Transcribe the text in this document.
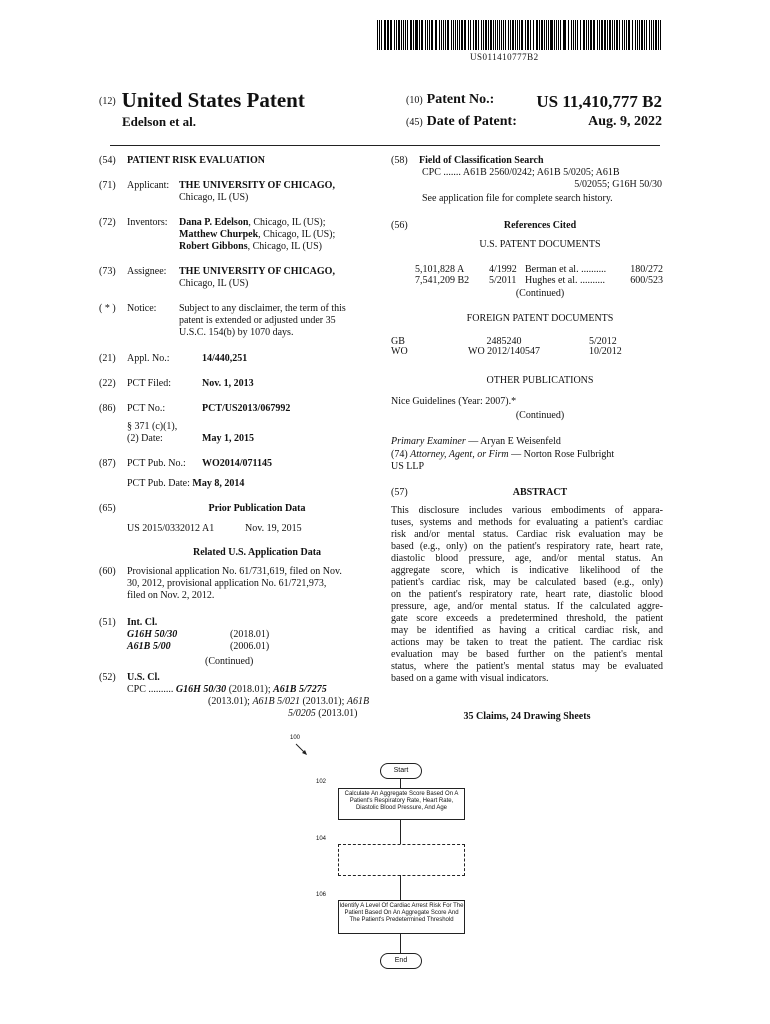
US011410777B2
(12) United States Patent
Edelson et al.
(10) Patent No.: US 11,410,777 B2
(45) Date of Patent:	Aug. 9, 2022
(54) PATIENT RISK EVALUATION
(71) Applicant: THE UNIVERSITY OF CHICAGO,
Chicago, IL (US)
(72) Inventors: Dana P. Edelson, Chicago, IL (US);
Matthew Churpek, Chicago, IL (US);
Robert Gibbons, Chicago, IL (US)
(73) Assignee: THE UNIVERSITY OF CHICAGO,
Chicago, IL (US)
( * ) Notice: Subject to any disclaimer, the term of this
patent is extended or adjusted under 35
U.S.C. 154(b) by 1070 days.
(21) Appl. No.:	14/440,251
(22) PCT Filed:	Nov. 1, 2013
(86) PCT No.:	PCT/US2013/067992
§ 371 (c)(1),
(2) Date:	May 1, 2015
(87) PCT Pub. No.: WO2014/071145
PCT Pub. Date: May 8, 2014
(65)	Prior Publication Data
US 2015/0332012 A1	Nov. 19, 2015
Related U.S. Application Data
(60) Provisional application No. 61/731,619, filed on Nov.
30, 2012, provisional application No. 61/721,973,
filed on Nov. 2, 2012.
(51) Int. Cl.
G16H 50/30	(2018.01)
A61B 5/00	(2006.01)
(Continued)
(52) U.S. Cl.
CPC .......... G16H 50/30 (2018.01); A61B 5/7275
(2013.01); A61B 5/021 (2013.01); A61B
5/0205 (2013.01)
(58) Field of Classification Search
CPC ....... A61B 2560/0242; A61B 5/0205; A61B
5/02055; G16H 50/30
See application file for complete search history.
(56)	References Cited
U.S. PATENT DOCUMENTS
5,101,828 A 4/1992 Berman et al. .......... 180/272
7,541,209 B2 5/2011 Hughes et al. ..........	600/523
(Continued)
FOREIGN PATENT DOCUMENTS
GB	2485240	5/2012
WO	WO 2012/140547	10/2012
OTHER PUBLICATIONS
Nice Guidelines (Year: 2007).*
(Continued)
Primary Examiner — Aryan E Weisenfeld
(74) Attorney, Agent, or Firm — Norton Rose Fulbright
US LLP
(57)	ABSTRACT
This disclosure includes various embodiments of appara-
tuses, systems and methods for evaluating a patient's cardiac
risk and/or mental status. Cardiac risk evaluation may be
based (e.g., only) on the patient's respiratory rate, heart rate,
diastolic blood pressure, age, and/or mental status. An
aggregate score, which is indicative likelihood of the
patient's cardiac risk, may be calculated based (e.g., only)
on the patient's respiratory rate, heart rate, diastolic blood
pressure, age, and/or mental status. If the calculated aggre-
gate score exceeds a predetermined threshold, the patient
may be identified as having a critical cardiac risk, and
actions may be taken to treat the patient. The cardiac risk
evaluation may be based further on the patient's mental
status, where the patient's mental status may be evaluated
based on a game with visual indicators.
35 Claims, 24 Drawing Sheets
100
Start
102
Calculate An Aggregate Score Based On A Patient's Respiratory Rate, Heart Rate, Diastolic Blood Pressure, And Age
104
106
Identify A Level Of Cardiac Arrest Risk For The Patient Based On An Aggregate Score And The Patient's Predetermined Threshold
End
